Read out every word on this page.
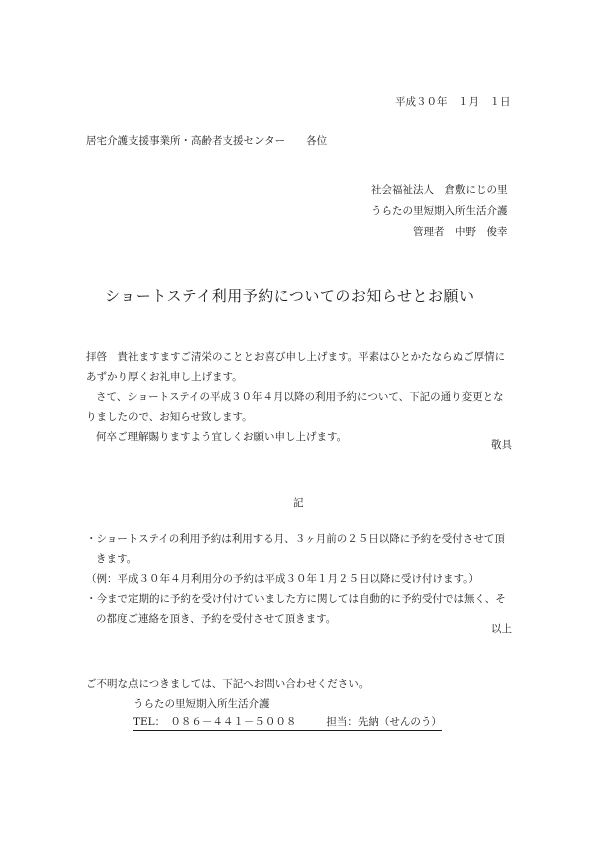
平成３０年　１月　１日
居宅介護支援事業所・高齢者支援センター　　各位
社会福祉法人　倉敷にじの里
うらたの里短期入所生活介護
管理者　中野　俊幸
ショートステイ利用予約についてのお知らせとお願い

拝啓　貴社ますますご清栄のこととお喜び申し上げます。平素はひとかたならぬご厚情に

あずかり厚くお礼申し上げます。

さて、ショートステイの平成３０年４月以降の利用予約について、下記の通り変更とな

りましたので、お知らせ致します。

何卒ご理解賜りますよう宜しくお願い申し上げます。

敬具
記
・ショートステイの利用予約は利用する月、３ヶ月前の２５日以降に予約を受付させて頂
きます。
（例：平成３０年４月利用分の予約は平成３０年１月２５日以降に受け付けます。）
・今まで定期的に予約を受け付けていました方に関しては自動的に予約受付では無く、そ
の都度ご連絡を頂き、予約を受付させて頂きます。
以上
ご不明な点につきましては、下記へお問い合わせください。
うらたの里短期入所生活介護
TEL：　０８６－４４１－５００８	担当：先納（せんのう）
